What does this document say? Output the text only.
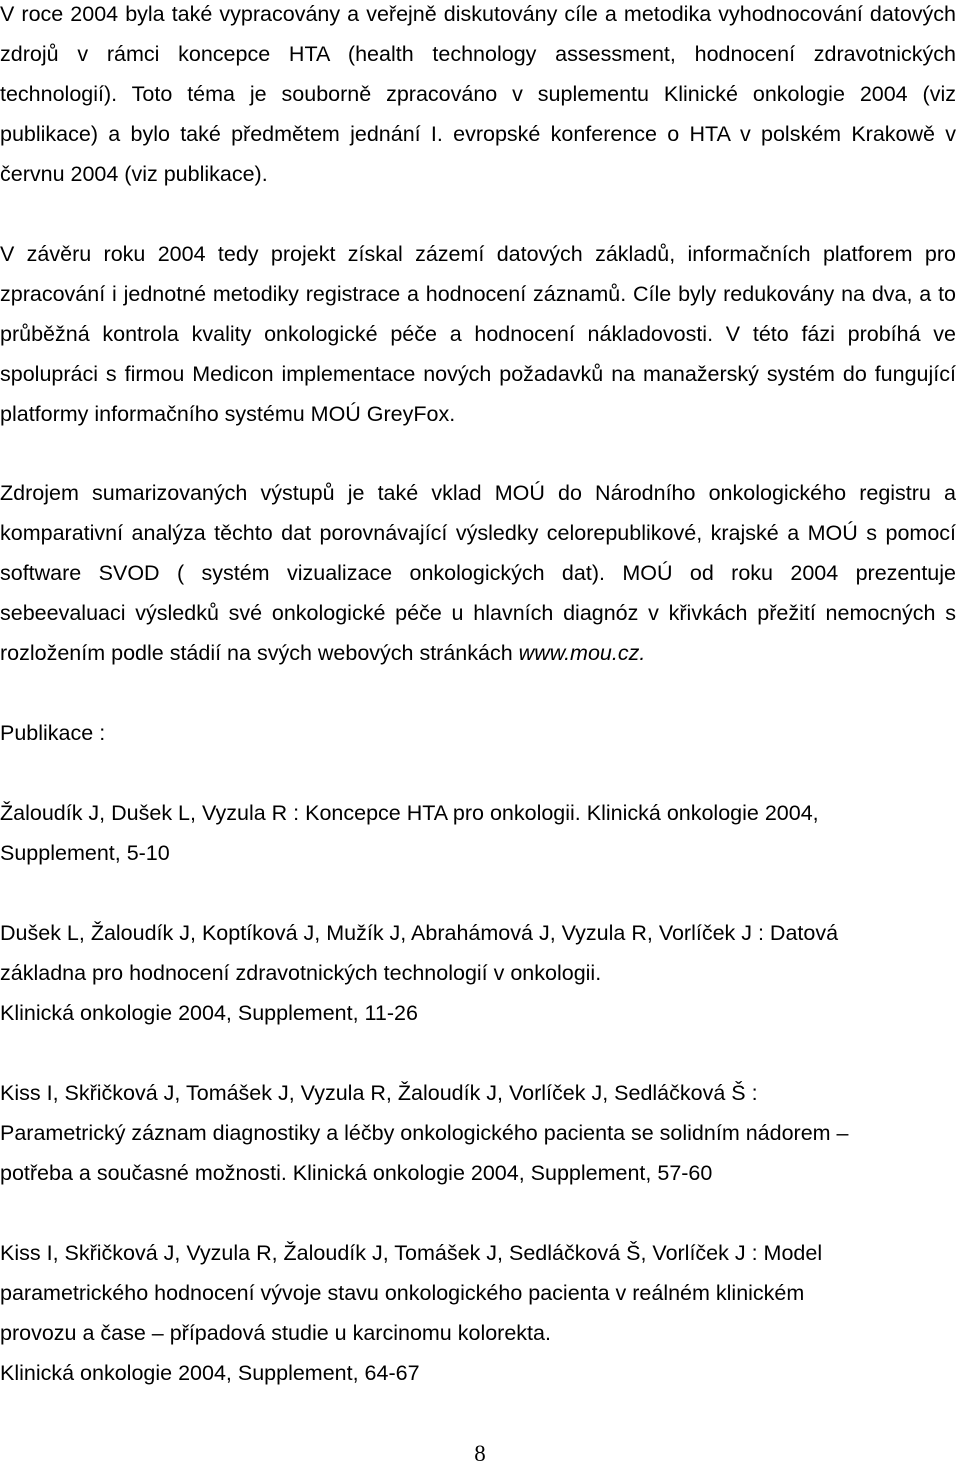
V roce 2004 byla také vypracovány a veřejně diskutovány cíle a metodika vyhodnocování datových zdrojů v rámci koncepce HTA (health technology assessment, hodnocení zdravotnických technologií). Toto téma je souborně zpracováno v suplementu Klinické onkologie 2004 (viz publikace) a bylo také předmětem jednání I. evropské konference o HTA v polském Krakowě v červnu 2004 (viz publikace).

V závěru roku 2004 tedy projekt získal zázemí datových základů, informačních platforem pro zpracování i jednotné metodiky registrace a hodnocení záznamů. Cíle byly redukovány na dva, a to průběžná kontrola kvality onkologické péče a hodnocení nákladovosti. V této fázi probíhá ve spolupráci s firmou Medicon implementace nových požadavků na manažerský systém do fungující platformy informačního systému MOÚ GreyFox.

Zdrojem sumarizovaných výstupů je také vklad MOÚ do Národního onkologického registru a komparativní analýza těchto dat porovnávající výsledky celorepublikové, krajské a MOÚ s pomocí software SVOD ( systém vizualizace onkologických dat). MOÚ od roku 2004 prezentuje sebeevaluaci výsledků své onkologické péče u hlavních diagnóz v křivkách přežití nemocných s rozložením podle stádií na svých webových stránkách www.mou.cz.

Publikace :

Žaloudík J, Dušek L, Vyzula R : Koncepce HTA pro onkologii. Klinická onkologie 2004,
Supplement, 5-10
Dušek L, Žaloudík J, Koptíková J, Mužík J, Abrahámová J, Vyzula R, Vorlíček J : Datová
základna pro hodnocení zdravotnických technologií v onkologii.
Klinická onkologie 2004, Supplement, 11-26
Kiss I, Skřičková J, Tomášek J, Vyzula R, Žaloudík J, Vorlíček J, Sedláčková Š :
Parametrický záznam diagnostiky a léčby onkologického pacienta se solidním nádorem –
potřeba a současné možnosti. Klinická onkologie 2004, Supplement, 57-60
Kiss I, Skřičková J, Vyzula R, Žaloudík J, Tomášek J, Sedláčková Š, Vorlíček J : Model
parametrického hodnocení vývoje stavu onkologického pacienta v reálném klinickém
provozu a čase – případová studie u karcinomu kolorekta.
Klinická onkologie 2004, Supplement, 64-67
8
